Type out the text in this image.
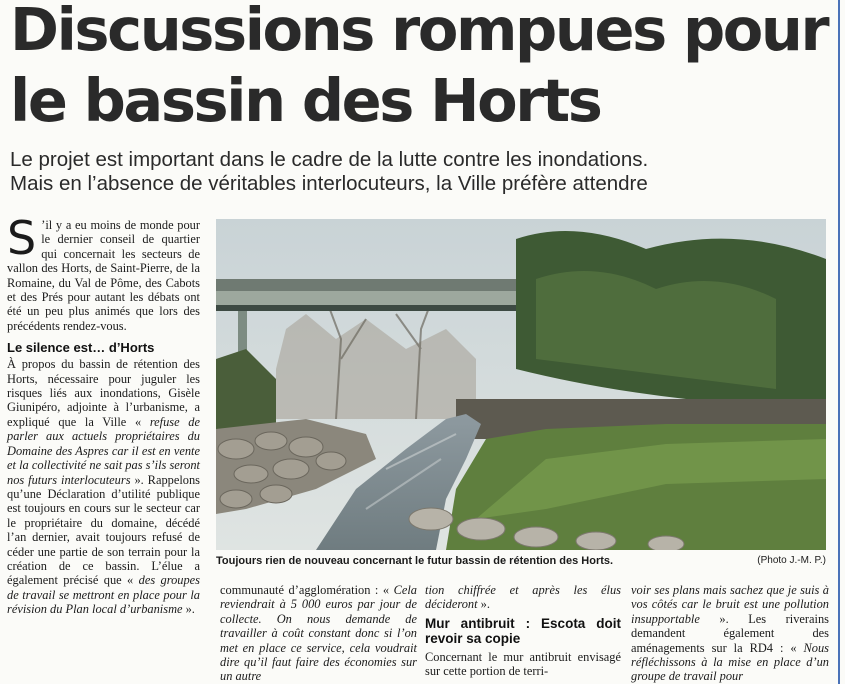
Discussions rompues pour le bassin des Horts
Le projet est important dans le cadre de la lutte contre les inondations.
Mais en l’absence de véritables interlocuteurs, la Ville préfère attendre

S ’il y a eu moins de monde pour le dernier conseil de quartier qui concernait les secteurs de vallon des Horts, de Saint-Pierre, de la Romaine, du Val de Pôme, des Cabots et des Prés pour autant les débats ont été un peu plus animés que lors des précédents rendez-vous.

Le silence est… d’Horts

À propos du bassin de rétention des Horts, nécessaire pour juguler les risques liés aux inondations, Gisèle Giunipéro, adjointe à l’urbanisme, a expliqué que la Ville « refuse de parler aux actuels propriétaires du Domaine des Aspres car il est en vente et la collectivité ne sait pas s’ils seront nos futurs interlocuteurs ». Rappelons qu’une Déclaration d’utilité publique est toujours en cours sur le secteur car le propriétaire du domaine, décédé l’an dernier, avait toujours refusé de céder une partie de son terrain pour la création de ce bassin. L’élue a également précisé que « des groupes de travail se mettront en place pour la révision du Plan local d’urbanisme ».

Toujours rien de nouveau concernant le futur bassin de rétention des Horts.	(Photo J.-M. P.)

communauté d’agglomération : « Cela reviendrait à 5 000 euros par jour de collecte. On nous demande de travailler à coût constant donc si l’on met en place ce service, cela voudrait dire qu’il faut faire des économies sur un autre

tion chiffrée et après les élus décideront ».

Mur antibruit : Escota doit revoir sa copie

Concernant le mur antibruit envisagé sur cette portion de terri-

voir ses plans mais sachez que je suis à vos côtés car le bruit est une pollution insupportable ». Les riverains demandent également des aménagements sur la RD4 : « Nous réfléchissons à la mise en place d’un groupe de travail pour
